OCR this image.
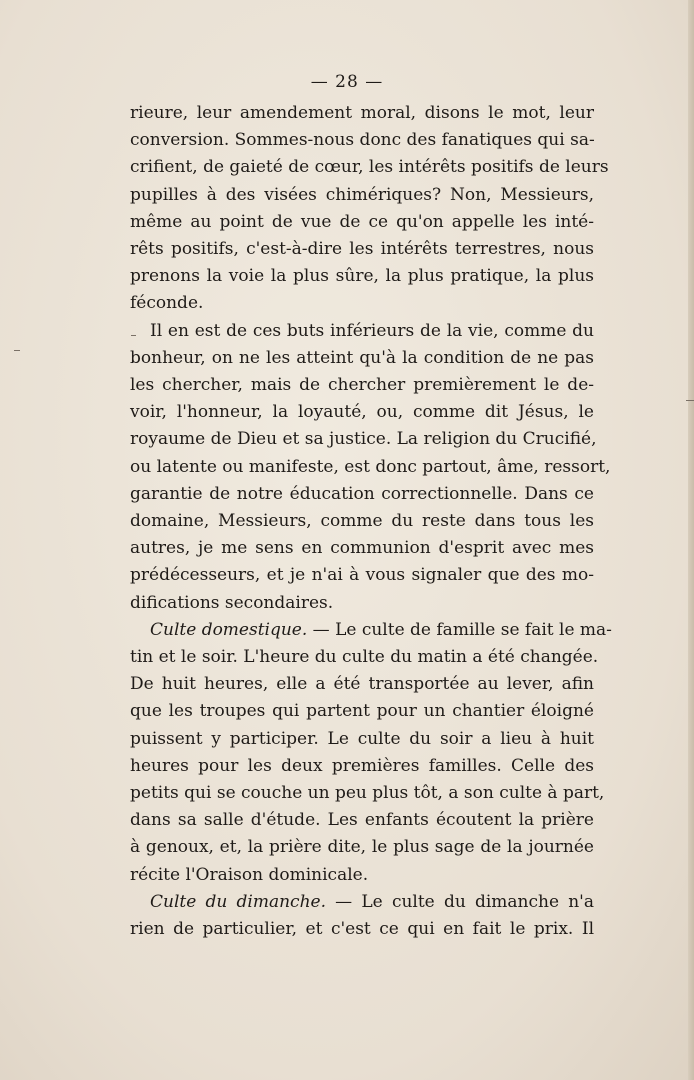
— 28 —

rieure, leur amendement moral, disons le mot, leur
conversion. Sommes-nous donc des fanatiques qui sa-
crifient, de gaieté de cœur, les intérêts positifs de leurs
pupilles à des visées chimériques? Non, Messieurs,
même au point de vue de ce qu'on appelle les inté-
rêts positifs, c'est-à-dire les intérêts terrestres, nous
prenons la voie la plus sûre, la plus pratique, la plus
féconde.

Il en est de ces buts inférieurs de la vie, comme du
bonheur, on ne les atteint qu'à la condition de ne pas
les chercher, mais de chercher premièrement le de-
voir, l'honneur, la loyauté, ou, comme dit Jésus, le
royaume de Dieu et sa justice. La religion du Crucifié,
ou latente ou manifeste, est donc partout, âme, ressort,
garantie de notre éducation correctionnelle. Dans ce
domaine, Messieurs, comme du reste dans tous les
autres, je me sens en communion d'esprit avec mes
prédécesseurs, et je n'ai à vous signaler que des mo-
difications secondaires.

Culte domestique. — Le culte de famille se fait le ma-
tin et le soir. L'heure du culte du matin a été changée.
De huit heures, elle a été transportée au lever, afin
que les troupes qui partent pour un chantier éloigné
puissent y participer. Le culte du soir a lieu à huit
heures pour les deux premières familles. Celle des
petits qui se couche un peu plus tôt, a son culte à part,
dans sa salle d'étude. Les enfants écoutent la prière
à genoux, et, la prière dite, le plus sage de la journée
récite l'Oraison dominicale.

Culte du dimanche. — Le culte du dimanche n'a
rien de particulier, et c'est ce qui en fait le prix. Il
